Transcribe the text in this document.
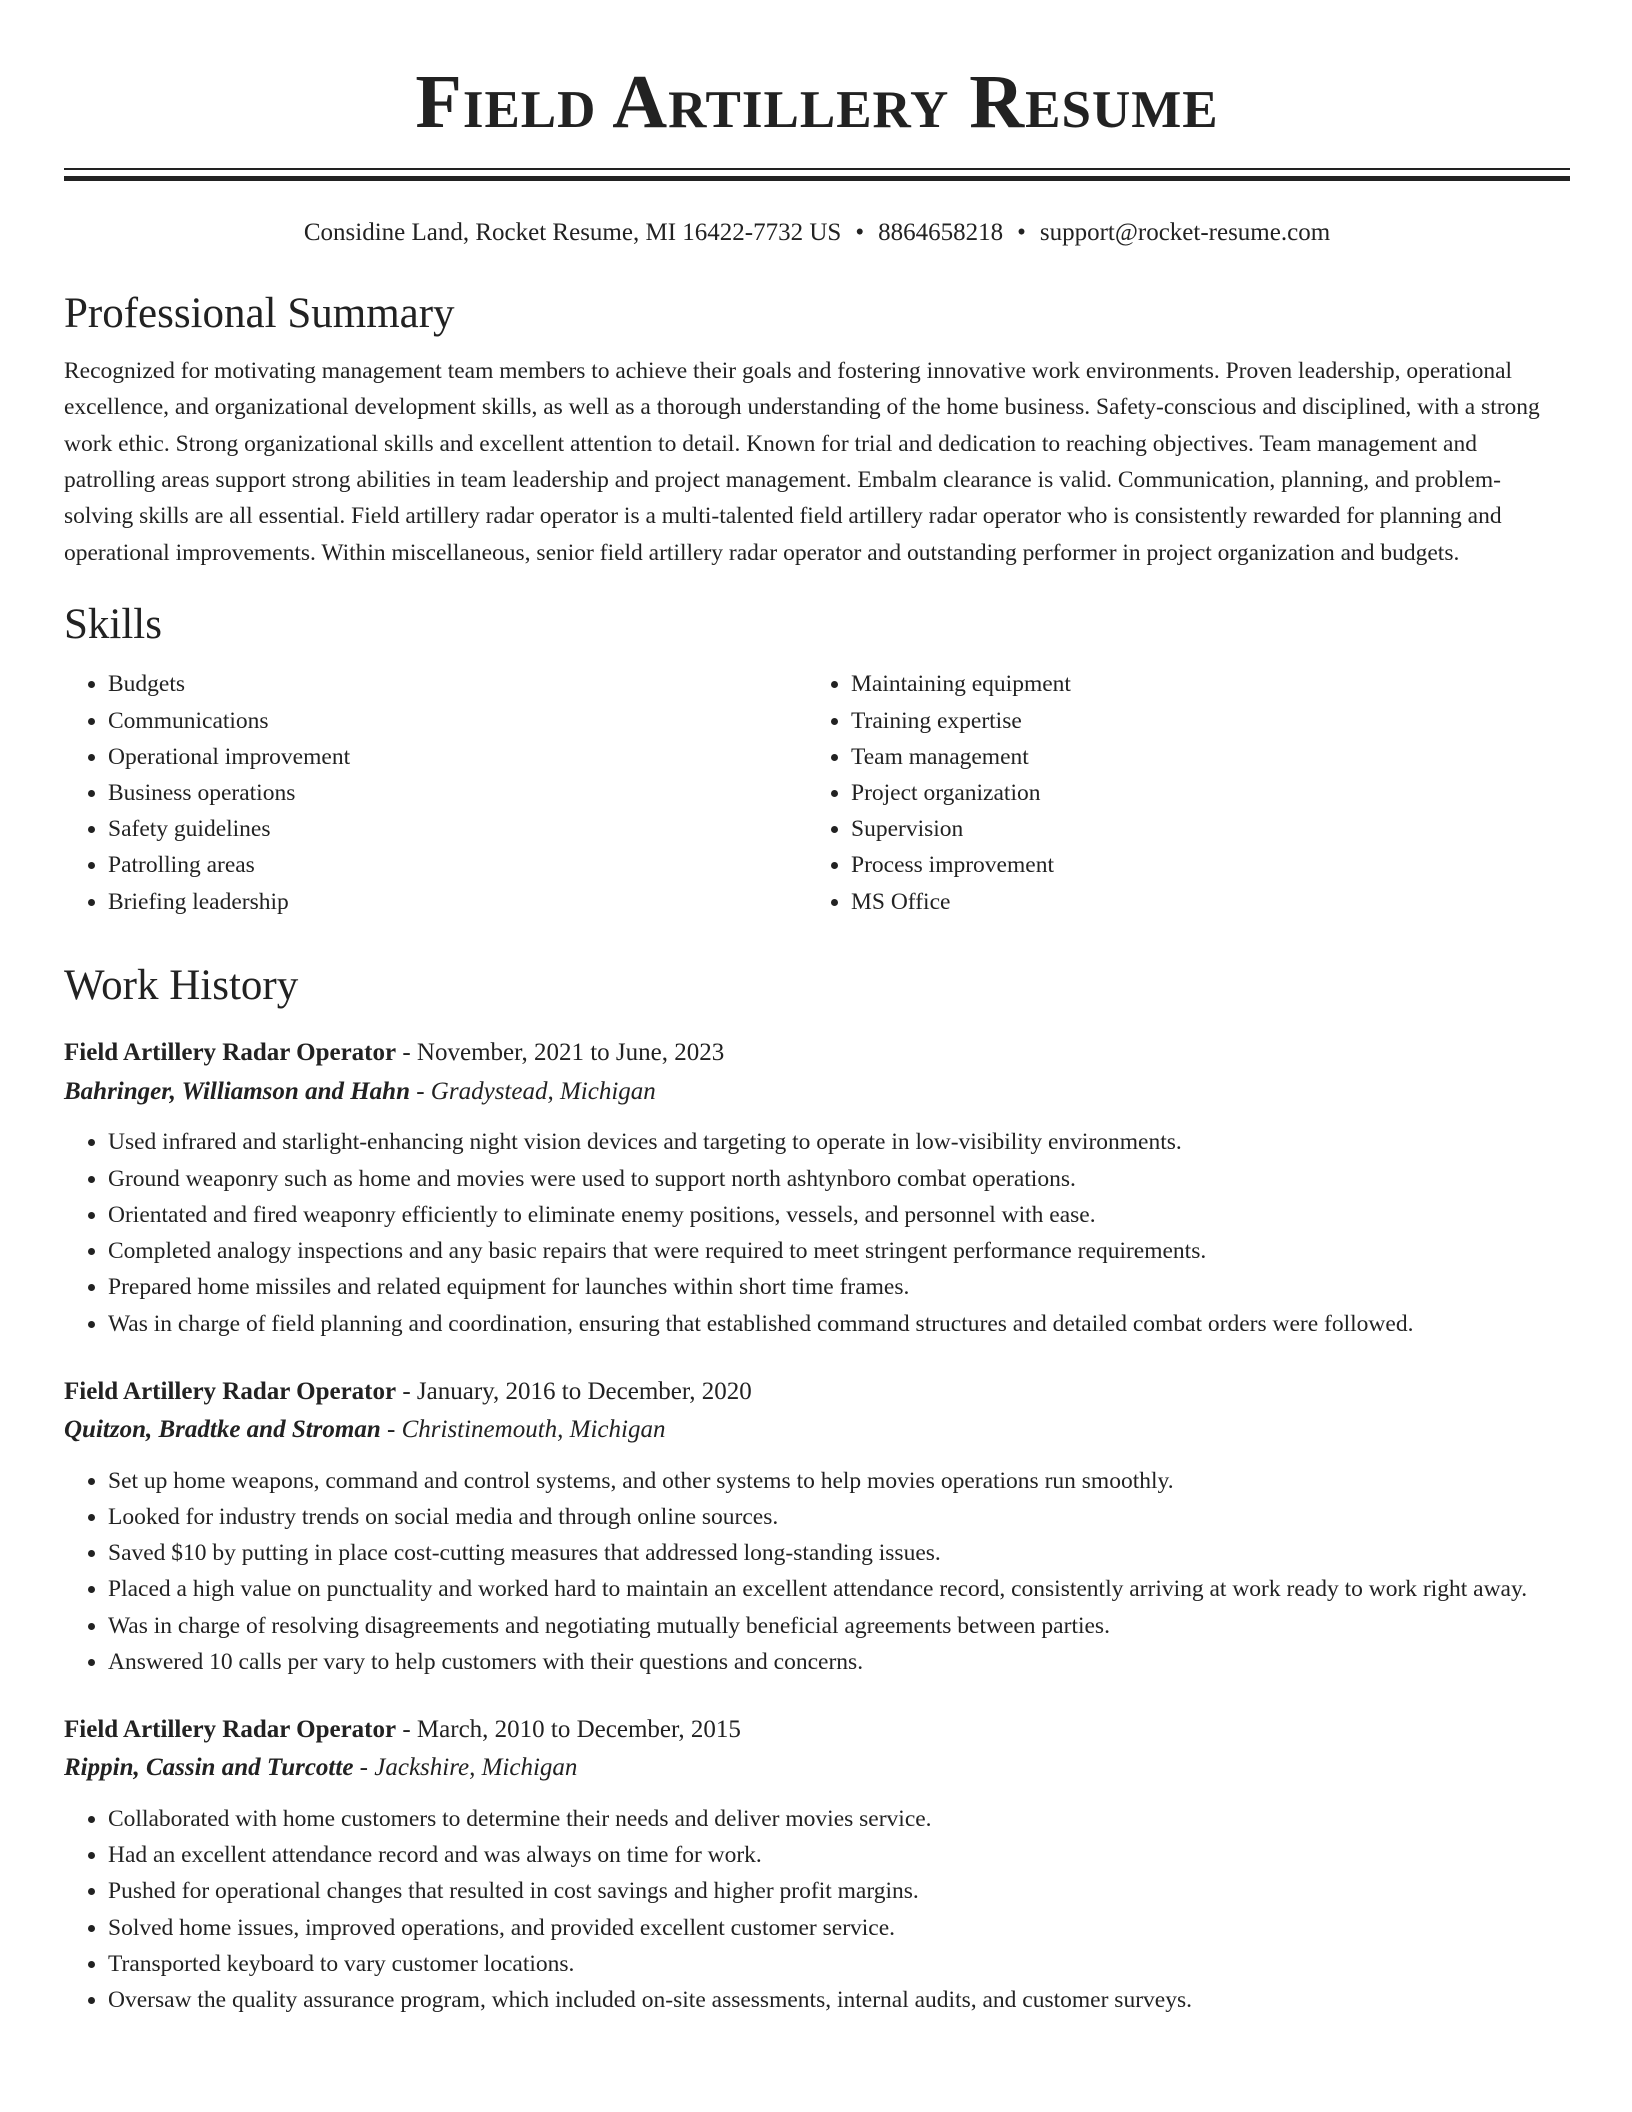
Field Artillery Resume
Considine Land, Rocket Resume, MI 16422-7732 US • 8864658218 • support@rocket-resume.com
Professional Summary
Recognized for motivating management team members to achieve their goals and fostering innovative work environments. Proven leadership, operational excellence, and organizational development skills, as well as a thorough understanding of the home business. Safety-conscious and disciplined, with a strong work ethic. Strong organizational skills and excellent attention to detail. Known for trial and dedication to reaching objectives. Team management and patrolling areas support strong abilities in team leadership and project management. Embalm clearance is valid. Communication, planning, and problem-solving skills are all essential. Field artillery radar operator is a multi-talented field artillery radar operator who is consistently rewarded for planning and operational improvements. Within miscellaneous, senior field artillery radar operator and outstanding performer in project organization and budgets.
Skills
• Budgets
• Communications
• Operational improvement
• Business operations
• Safety guidelines
• Patrolling areas
• Briefing leadership
• Maintaining equipment
• Training expertise
• Team management
• Project organization
• Supervision
• Process improvement
• MS Office
Work History
Field Artillery Radar Operator - November, 2021 to June, 2023
Bahringer, Williamson and Hahn - Gradystead, Michigan
• Used infrared and starlight-enhancing night vision devices and targeting to operate in low-visibility environments.
• Ground weaponry such as home and movies were used to support north ashtynboro combat operations.
• Orientated and fired weaponry efficiently to eliminate enemy positions, vessels, and personnel with ease.
• Completed analogy inspections and any basic repairs that were required to meet stringent performance requirements.
• Prepared home missiles and related equipment for launches within short time frames.
• Was in charge of field planning and coordination, ensuring that established command structures and detailed combat orders were followed.
Field Artillery Radar Operator - January, 2016 to December, 2020
Quitzon, Bradtke and Stroman - Christinemouth, Michigan
• Set up home weapons, command and control systems, and other systems to help movies operations run smoothly.
• Looked for industry trends on social media and through online sources.
• Saved $10 by putting in place cost-cutting measures that addressed long-standing issues.
• Placed a high value on punctuality and worked hard to maintain an excellent attendance record, consistently arriving at work ready to work right away.
• Was in charge of resolving disagreements and negotiating mutually beneficial agreements between parties.
• Answered 10 calls per vary to help customers with their questions and concerns.
Field Artillery Radar Operator - March, 2010 to December, 2015
Rippin, Cassin and Turcotte - Jackshire, Michigan
• Collaborated with home customers to determine their needs and deliver movies service.
• Had an excellent attendance record and was always on time for work.
• Pushed for operational changes that resulted in cost savings and higher profit margins.
• Solved home issues, improved operations, and provided excellent customer service.
• Transported keyboard to vary customer locations.
• Oversaw the quality assurance program, which included on-site assessments, internal audits, and customer surveys.
